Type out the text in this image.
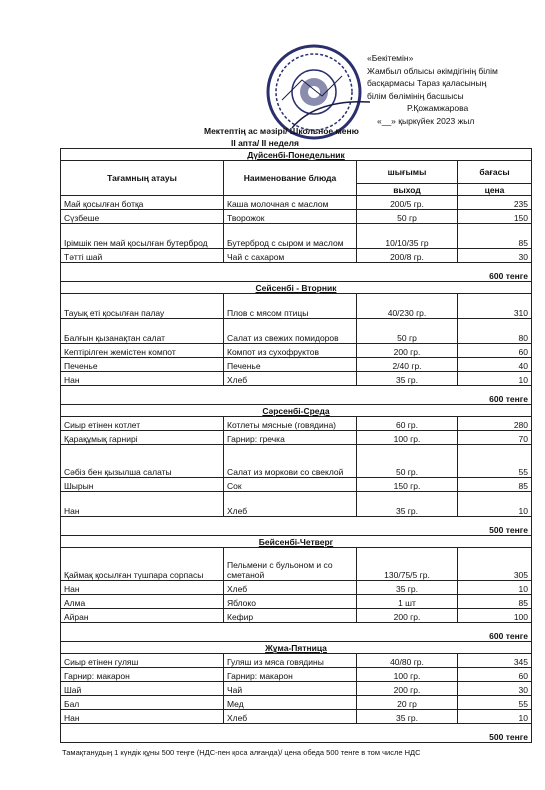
«Бекітемін»
Жамбыл облысы әкімдігінің білім
басқармасы Тараз қаласының
білім бөлімінің басшысы
Р.Қожамжарова
«__» қыркүйек 2023 жыл
Мектептің ас мәзірі/ Школьное меню
II апта/ II неделя
Дүйсенбі-Понедельник			
Тағамның атауы	Наименование блюда	шығымы	бағасы
		выход	цена
Май қосылған ботқа	Каша молочная с маслом	200/5 гр.	235
Сүзбеше	Творожок	50 гр	150
Ірімшік пен май қосылған бутерброд	Бутерброд с сыром и маслом	10/10/35 гр	85
Тәтті шай	Чай с сахаром	200/8 гр.	30
600 тенге			
Сейсенбі - Вторник			
Тауық еті қосылған палау	Плов с мясом птицы	40/230 гр.	310
Балғын қызанақтан салат	Салат из свежих помидоров	50 гр	80
Кептірілген жемістен компот	Компот из сухофруктов	200 гр.	60
Печенье	Печенье	2/40 гр.	40
Нан	Хлеб	35 гр.	10
600 тенге			
Сәрсенбі-Среда			
Сиыр етінен котлет	Котлеты мясные (говядина)	60 гр.	280
Қарақұмық гарнирі	Гарнир: гречка	100 гр.	70
Сәбіз бен қызылша салаты	Салат из моркови со свеклой	50 гр.	55
Шырын	Сок	150 гр.	85
Нан	Хлеб	35 гр.	10
500 тенге			
Бейсенбі-Четверг			
Қаймақ қосылған түшпара сорпасы	Пельмени с бульоном и со сметаной	130/75/5 гр.	305
Нан	Хлеб	35 гр.	10
Алма	Яблоко	1 шт	85
Айран	Кефир	200 гр.	100
600 тенге			
Жұма-Пятница			
Сиыр етінен гуляш	Гуляш из мяса говядины	40/80 гр.	345
Гарнир: макарон	Гарнир: макарон	100 гр.	60
Шай	Чай	200 гр.	30
Бал	Мед	20 гр	55
Нан	Хлеб	35 гр.	10
500 тенге			
Тамақтанудың 1 күндік құны 500 теңге (НДС-пен қоса алғанда)/ цена обеда 500 тенге в том числе НДС
